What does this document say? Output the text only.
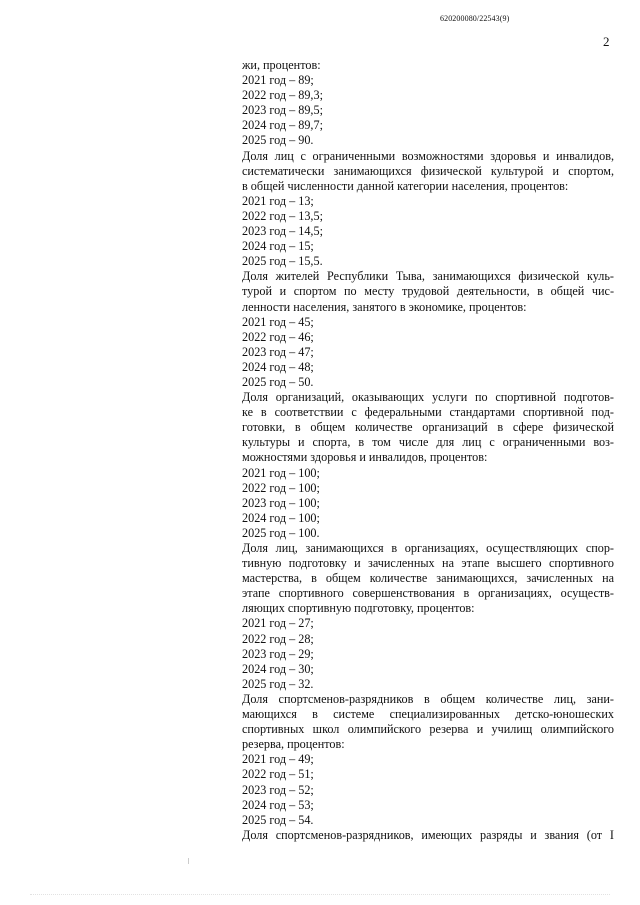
620200080/22543(9)
2
жи, процентов:
2021 год – 89;
2022 год – 89,3;
2023 год – 89,5;
2024 год – 89,7;
2025 год – 90.
Доля лиц с ограниченными возможностями здоровья и инвалидов,
систематически занимающихся физической культурой и спортом,
в общей численности данной категории населения, процентов:
2021 год – 13;
2022 год – 13,5;
2023 год – 14,5;
2024 год – 15;
2025 год – 15,5.
Доля жителей Республики Тыва, занимающихся физической куль-
турой и спортом по месту трудовой деятельности, в общей чис-
ленности населения, занятого в экономике, процентов:
2021 год – 45;
2022 год – 46;
2023 год – 47;
2024 год – 48;
2025 год – 50.
Доля организаций, оказывающих услуги по спортивной подготов-
ке в соответствии с федеральными стандартами спортивной под-
готовки, в общем количестве организаций в сфере физической
культуры и спорта, в том числе для лиц с ограниченными воз-
можностями здоровья и инвалидов, процентов:
2021 год – 100;
2022 год – 100;
2023 год – 100;
2024 год – 100;
2025 год – 100.
Доля лиц, занимающихся в организациях, осуществляющих спор-
тивную подготовку и зачисленных на этапе высшего спортивного
мастерства, в общем количестве занимающихся, зачисленных на
этапе спортивного совершенствования в организациях, осуществ-
ляющих спортивную подготовку, процентов:
2021 год – 27;
2022 год – 28;
2023 год – 29;
2024 год – 30;
2025 год – 32.
Доля спортсменов-разрядников в общем количестве лиц, зани-
мающихся в системе специализированных детско-юношеских
спортивных школ олимпийского резерва и училищ олимпийского
резерва, процентов:
2021 год – 49;
2022 год – 51;
2023 год – 52;
2024 год – 53;
2025 год – 54.
Доля спортсменов-разрядников, имеющих разряды и звания (от I
